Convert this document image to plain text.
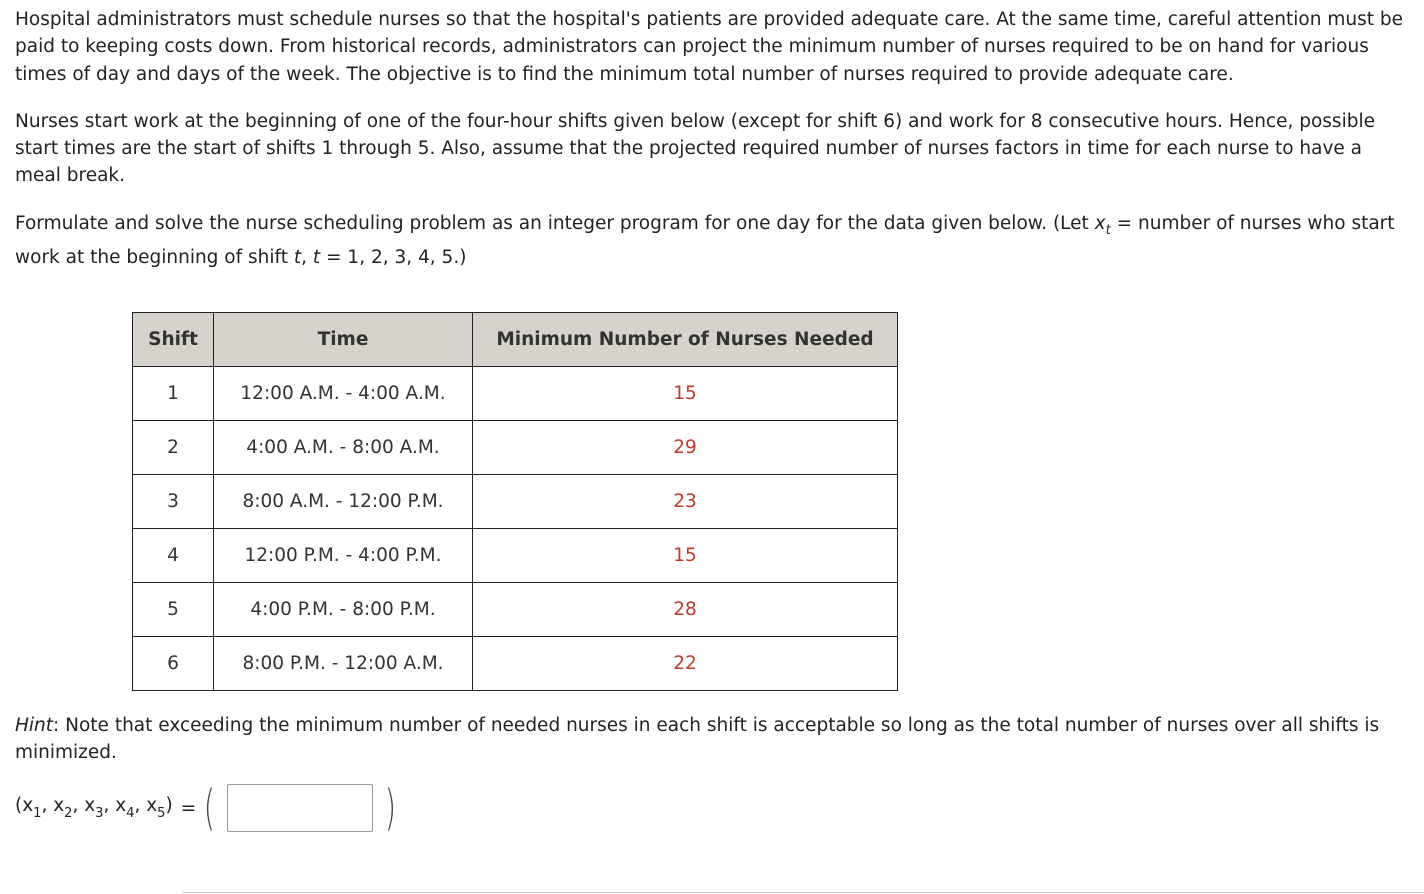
Hospital administrators must schedule nurses so that the hospital's patients are provided adequate care. At the same time, careful attention must be paid to keeping costs down. From historical records, administrators can project the minimum number of nurses required to be on hand for various times of day and days of the week. The objective is to find the minimum total number of nurses required to provide adequate care.

Nurses start work at the beginning of one of the four-hour shifts given below (except for shift 6) and work for 8 consecutive hours. Hence, possible start times are the start of shifts 1 through 5. Also, assume that the projected required number of nurses factors in time for each nurse to have a meal break.

Formulate and solve the nurse scheduling problem as an integer program for one day for the data given below. (Let $x_t$ = number of nurses who start work at the beginning of shift t, t = 1, 2, 3, 4, 5.)

Shift	Time	Minimum Number of Nurses Needed
1	12:00 A.M. - 4:00 A.M.	15
2	4:00 A.M. - 8:00 A.M.	29
3	8:00 A.M. - 12:00 P.M.	23
4	12:00 P.M. - 4:00 P.M.	15
5	4:00 P.M. - 8:00 P.M.	28
6	8:00 P.M. - 12:00 A.M.	22

Hint: Note that exceeding the minimum number of needed nurses in each shift is acceptable so long as the total number of nurses over all shifts is minimized.

($x_1$, $x_2$, $x_3$, $x_4$, $x_5$) = (	)
